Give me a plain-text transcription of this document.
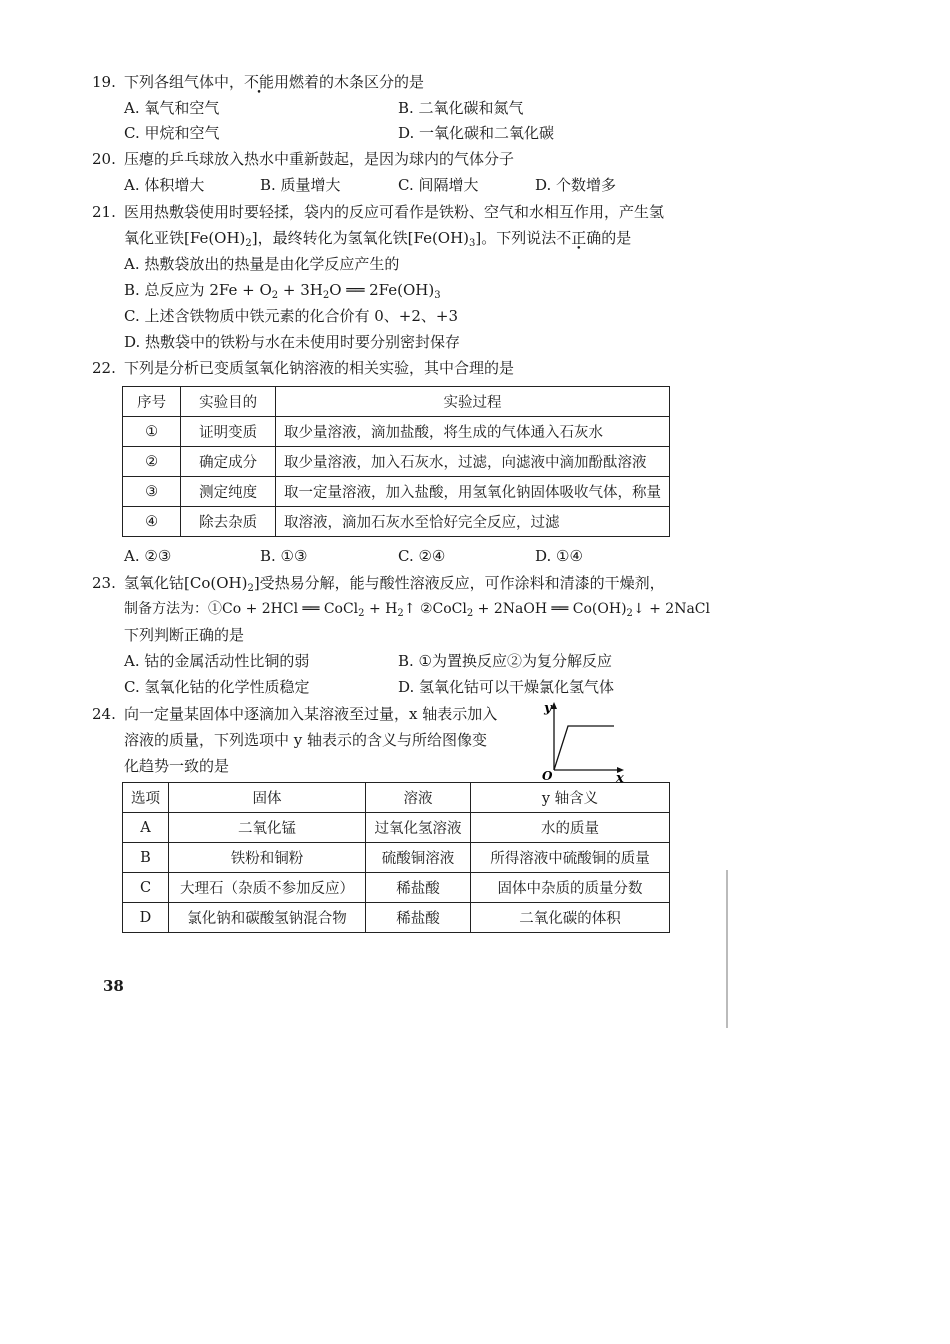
19. 下列各组气体中，不能用燃着的木条区分的是
A. 氧气和空气	B. 二氧化碳和氮气
C. 甲烷和空气	D. 一氧化碳和二氧化碳
20. 压瘪的乒乓球放入热水中重新鼓起，是因为球内的气体分子
A. 体积增大	B. 质量增大	C. 间隔增大	D. 个数增多
21. 医用热敷袋使用时要轻揉，袋内的反应可看作是铁粉、空气和水相互作用，产生氢
氧化亚铁$[Fe(OH)_2]$，最终转化为氢氧化铁$[Fe(OH)_3]$。下列说法不正确的是
A. 热敷袋放出的热量是由化学反应产生的
B. 总反应为 $2Fe + O_2 + 3H_2O$ ══ $2Fe(OH)_3$
C. 上述含铁物质中铁元素的化合价有 0、+2、+3
D. 热敷袋中的铁粉与水在未使用时要分别密封保存
22. 下列是分析已变质氢氧化钠溶液的相关实验，其中合理的是
序号	实验目的	实验过程
①	证明变质	取少量溶液，滴加盐酸，将生成的气体通入石灰水
②	确定成分	取少量溶液，加入石灰水，过滤，向滤液中滴加酚酞溶液
③	测定纯度	取一定量溶液，加入盐酸，用氢氧化钠固体吸收气体，称量
④	除去杂质	取溶液，滴加石灰水至恰好完全反应，过滤
A. ②③	B. ①③	C. ②④	D. ①④
23. 氢氧化钴$[Co(OH)_2]$受热易分解，能与酸性溶液反应，可作涂料和清漆的干燥剂，
制备方法为：①Co + 2HCl ══ CoCl$_2$ + $H_2↑$ ②CoCl$_2$ + 2NaOH ══ $Co(OH)_2↓$ + 2NaCl
下列判断正确的是
A. 钴的金属活动性比铜的弱	B. ①为置换反应②为复分解反应
C. 氢氧化钴的化学性质稳定	D. 氢氧化钴可以干燥氯化氢气体
24. 向一定量某固体中逐滴加入某溶液至过量，x 轴表示加入
溶液的质量，下列选项中 y 轴表示的含义与所给图像变
化趋势一致的是
y
x
O
选项	固体	溶液	y 轴含义
A	二氧化锰	过氧化氢溶液	水的质量
B	铁粉和铜粉	硫酸铜溶液	所得溶液中硫酸铜的质量
C	大理石（杂质不参加反应）	稀盐酸	固体中杂质的质量分数
D	氯化钠和碳酸氢钠混合物	稀盐酸	二氧化碳的体积
38
